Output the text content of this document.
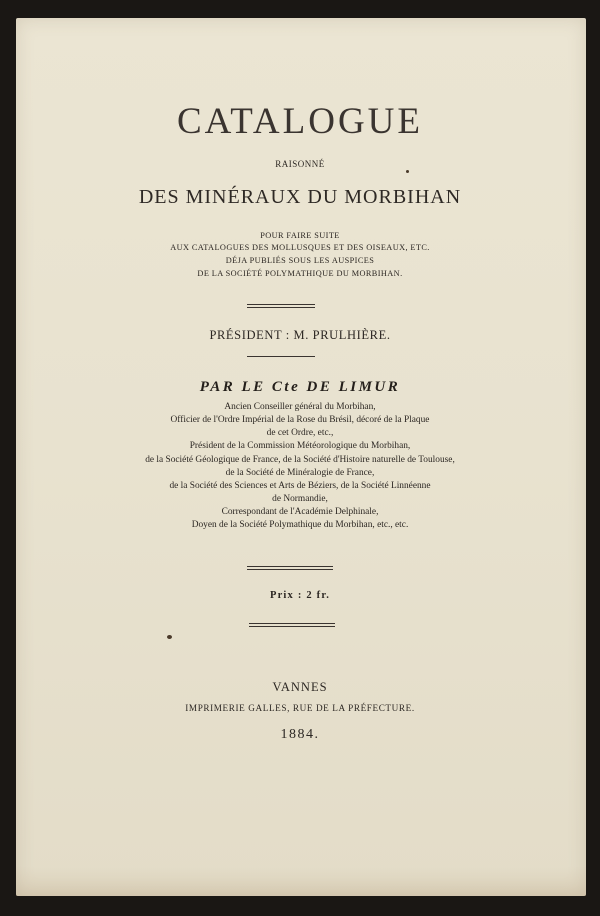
CATALOGUE
RAISONNÉ
DES MINÉRAUX DU MORBIHAN
POUR FAIRE SUITE
AUX CATALOGUES DES MOLLUSQUES ET DES OISEAUX, ETC.
DÉJA PUBLIÉS SOUS LES AUSPICES
DE LA SOCIÉTÉ POLYMATHIQUE DU MORBIHAN.
PRÉSIDENT : M. PRULHIÈRE.
PAR LE Cte DE LIMUR
Ancien Conseiller général du Morbihan,
Officier de l'Ordre Impérial de la Rose du Brésil, décoré de la Plaque
de cet Ordre, etc.,
Président de la Commission Météorologique du Morbihan,
de la Société Géologique de France, de la Société d'Histoire naturelle de Toulouse,
de la Société de Minéralogie de France,
de la Société des Sciences et Arts de Béziers, de la Société Linnéenne
de Normandie,
Correspondant de l'Académie Delphinale,
Doyen de la Société Polymathique du Morbihan, etc., etc.
Prix : 2 fr.
VANNES
IMPRIMERIE GALLES, RUE DE LA PRÉFECTURE.
1884.
